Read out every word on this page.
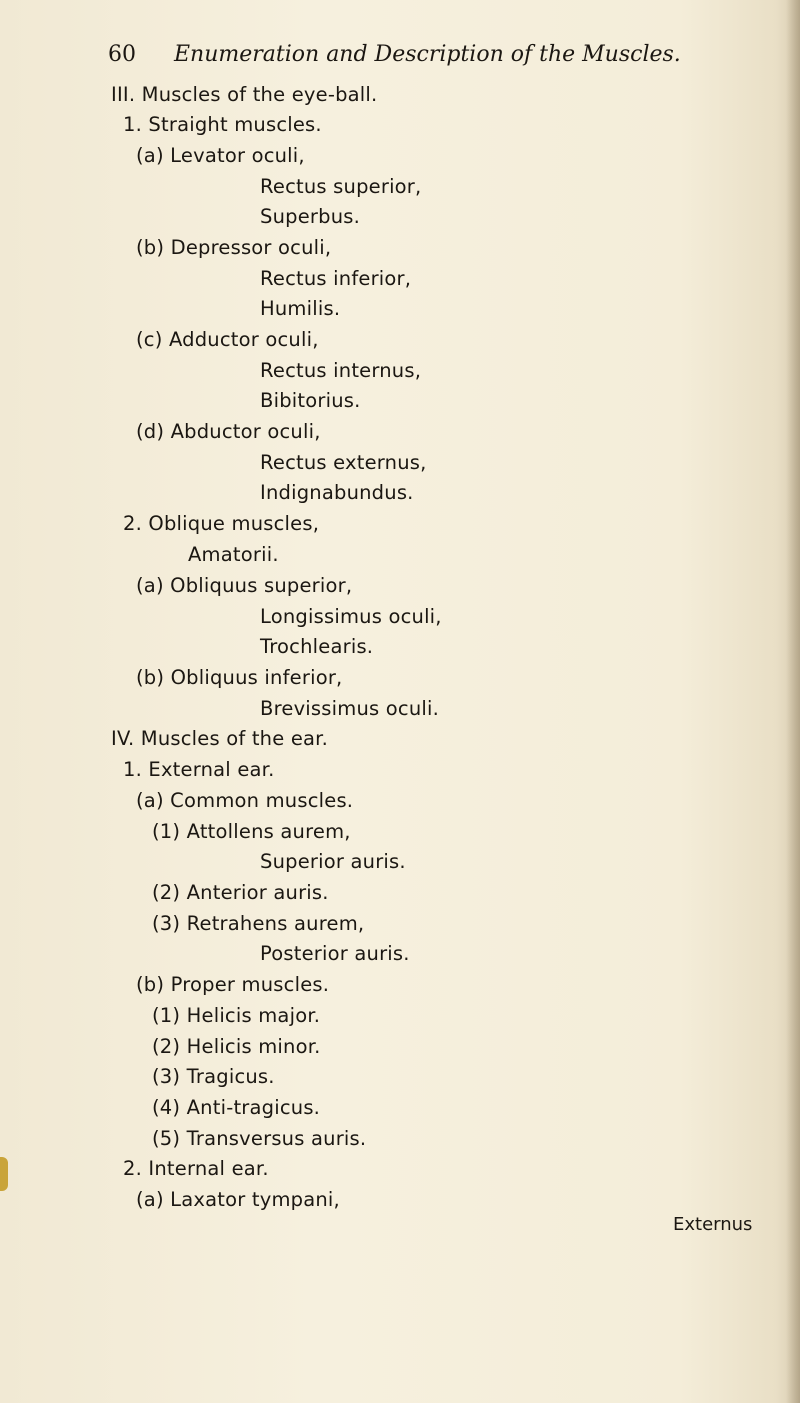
60 Enumeration and Description of the Muscles.
III. Muscles of the eye-ball.
1. Straight muscles.
(a) Levator oculi,
Rectus superior,
Superbus.
(b) Depressor oculi,
Rectus inferior,
Humilis.
(c) Adductor oculi,
Rectus internus,
Bibitorius.
(d) Abductor oculi,
Rectus externus,
Indignabundus.
2. Oblique muscles,
Amatorii.
(a) Obliquus superior,
Longissimus oculi,
Trochlearis.
(b) Obliquus inferior,
Brevissimus oculi.
IV. Muscles of the ear.
1. External ear.
(a) Common muscles.
(1) Attollens aurem,
Superior auris.
(2) Anterior auris.
(3) Retrahens aurem,
Posterior auris.
(b) Proper muscles.
(1) Helicis major.
(2) Helicis minor.
(3) Tragicus.
(4) Anti-tragicus.
(5) Transversus auris.
2. Internal ear.
(a) Laxator tympani,
Externus
